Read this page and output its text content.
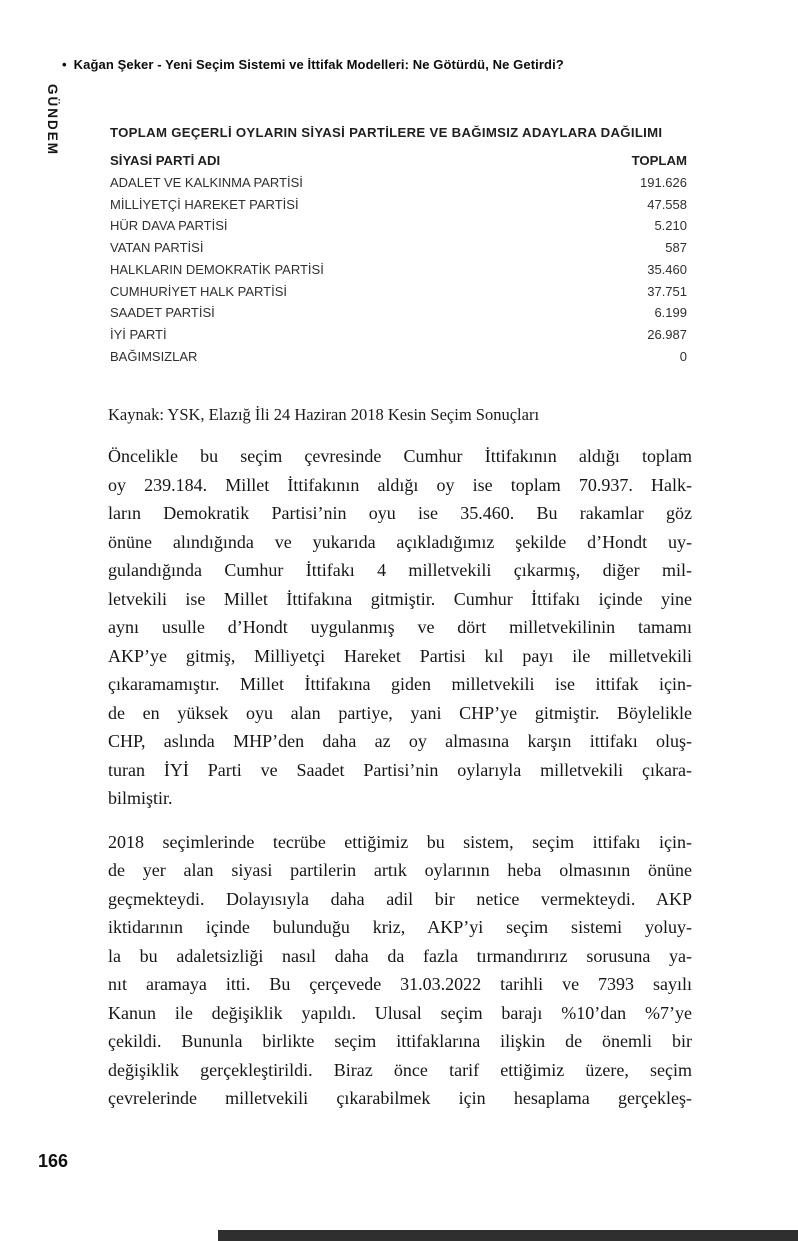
• Kağan Şeker - Yeni Seçim Sistemi ve İttifak Modelleri: Ne Götürdü, Ne Getirdi?
GÜNDEM	TOPLAM GEÇERLİ OYLARIN SİYASİ PARTİLERE VE BAĞIMSIZ ADAYLARA DAĞILIMI
SİYASİ PARTİ ADI	TOPLAM
ADALET VE KALKINMA PARTİSİ	191.626
MİLLİYETÇİ HAREKET PARTİSİ	47.558
HÜR DAVA PARTİSİ	5.210
VATAN PARTİSİ	587
HALKLARIN DEMOKRATİK PARTİSİ	35.460
CUMHURİYET HALK PARTİSİ	37.751
SAADET PARTİSİ	6.199
İYİ PARTİ	26.987
BAĞIMSIZLAR	0
Kaynak: YSK, Elazığ İli 24 Haziran 2018 Kesin Seçim Sonuçları
Öncelikle bu seçim çevresinde Cumhur İttifakının aldığı toplam
oy 239.184. Millet İttifakının aldığı oy ise toplam 70.937. Halk-
ların Demokratik Partisi’nin oyu ise 35.460. Bu rakamlar göz
önüne alındığında ve yukarıda açıkladığımız şekilde d’Hondt uy-
gulandığında Cumhur İttifakı 4 milletvekili çıkarmış, diğer mil-
letvekili ise Millet İttifakına gitmiştir. Cumhur İttifakı içinde yine
aynı usulle d’Hondt uygulanmış ve dört milletvekilinin tamamı
AKP’ye gitmiş, Milliyetçi Hareket Partisi kıl payı ile milletvekili
çıkaramamıştır. Millet İttifakına giden milletvekili ise ittifak için-
de en yüksek oyu alan partiye, yani CHP’ye gitmiştir. Böylelikle
CHP, aslında MHP’den daha az oy almasına karşın ittifakı oluş-
turan İYİ Parti ve Saadet Partisi’nin oylarıyla milletvekili çıkara-
bilmiştir.
2018 seçimlerinde tecrübe ettiğimiz bu sistem, seçim ittifakı için-
de yer alan siyasi partilerin artık oylarının heba olmasının önüne
geçmekteydi. Dolayısıyla daha adil bir netice vermekteydi. AKP
iktidarının içinde bulunduğu kriz, AKP’yi seçim sistemi yoluy-
la bu adaletsizliği nasıl daha da fazla tırmandırırız sorusuna ya-
nıt aramaya itti. Bu çerçevede 31.03.2022 tarihli ve 7393 sayılı
Kanun ile değişiklik yapıldı. Ulusal seçim barajı %10’dan %7’ye
çekildi. Bununla birlikte seçim ittifaklarına ilişkin de önemli bir
değişiklik gerçekleştirildi. Biraz önce tarif ettiğimiz üzere, seçim
çevrelerinde milletvekili çıkarabilmek için hesaplama gerçekleş-
166
